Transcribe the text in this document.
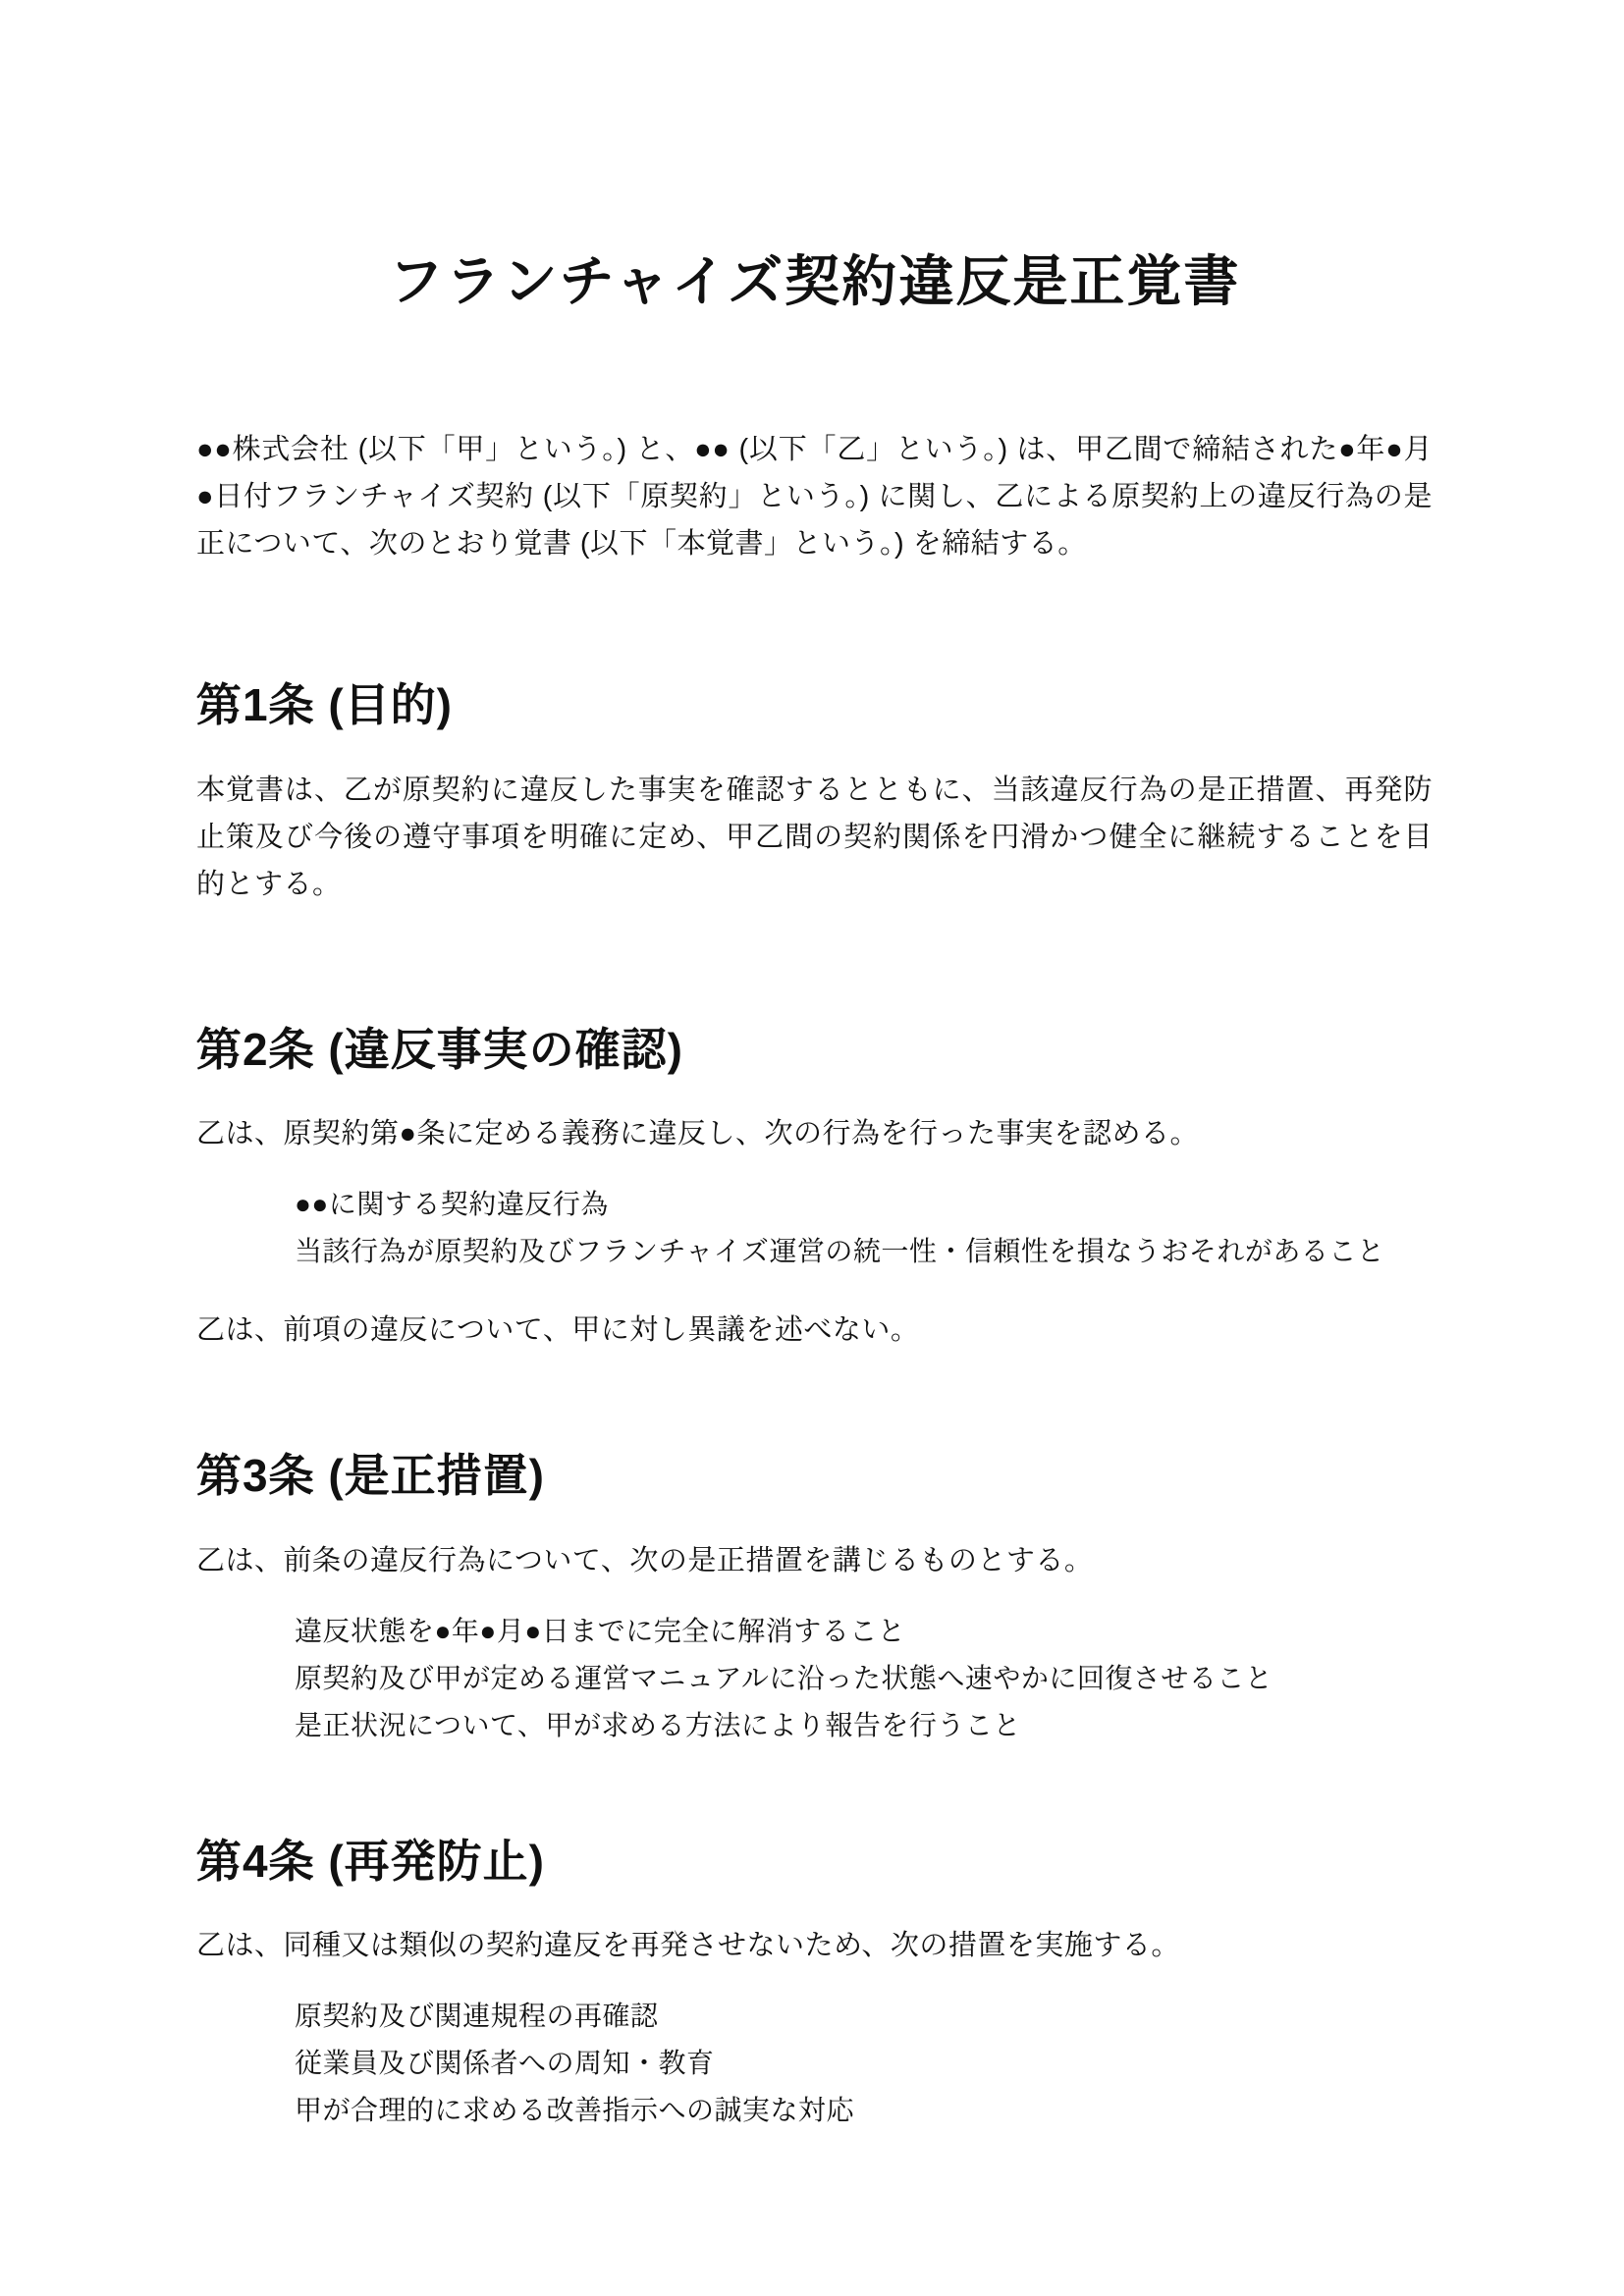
フランチャイズ契約違反是正覚書

●●株式会社 (以下「甲」という。) と、●● (以下「乙」という。) は、甲乙間で締結された●年●月●日付フランチャイズ契約 (以下「原契約」という。) に関し、乙による原契約上の違反行為の是正について、次のとおり覚書 (以下「本覚書」という。) を締結する。

第1条 (目的)

本覚書は、乙が原契約に違反した事実を確認するとともに、当該違反行為の是正措置、再発防止策及び今後の遵守事項を明確に定め、甲乙間の契約関係を円滑かつ健全に継続することを目的とする。

第2条 (違反事実の確認)

乙は、原契約第●条に定める義務に違反し、次の行為を行った事実を認める。

●●に関する契約違反行為
当該行為が原契約及びフランチャイズ運営の統一性・信頼性を損なうおそれがあること

乙は、前項の違反について、甲に対し異議を述べない。

第3条 (是正措置)

乙は、前条の違反行為について、次の是正措置を講じるものとする。

違反状態を●年●月●日までに完全に解消すること
原契約及び甲が定める運営マニュアルに沿った状態へ速やかに回復させること
是正状況について、甲が求める方法により報告を行うこと
第4条 (再発防止)

乙は、同種又は類似の契約違反を再発させないため、次の措置を実施する。

原契約及び関連規程の再確認
従業員及び関係者への周知・教育
甲が合理的に求める改善指示への誠実な対応
